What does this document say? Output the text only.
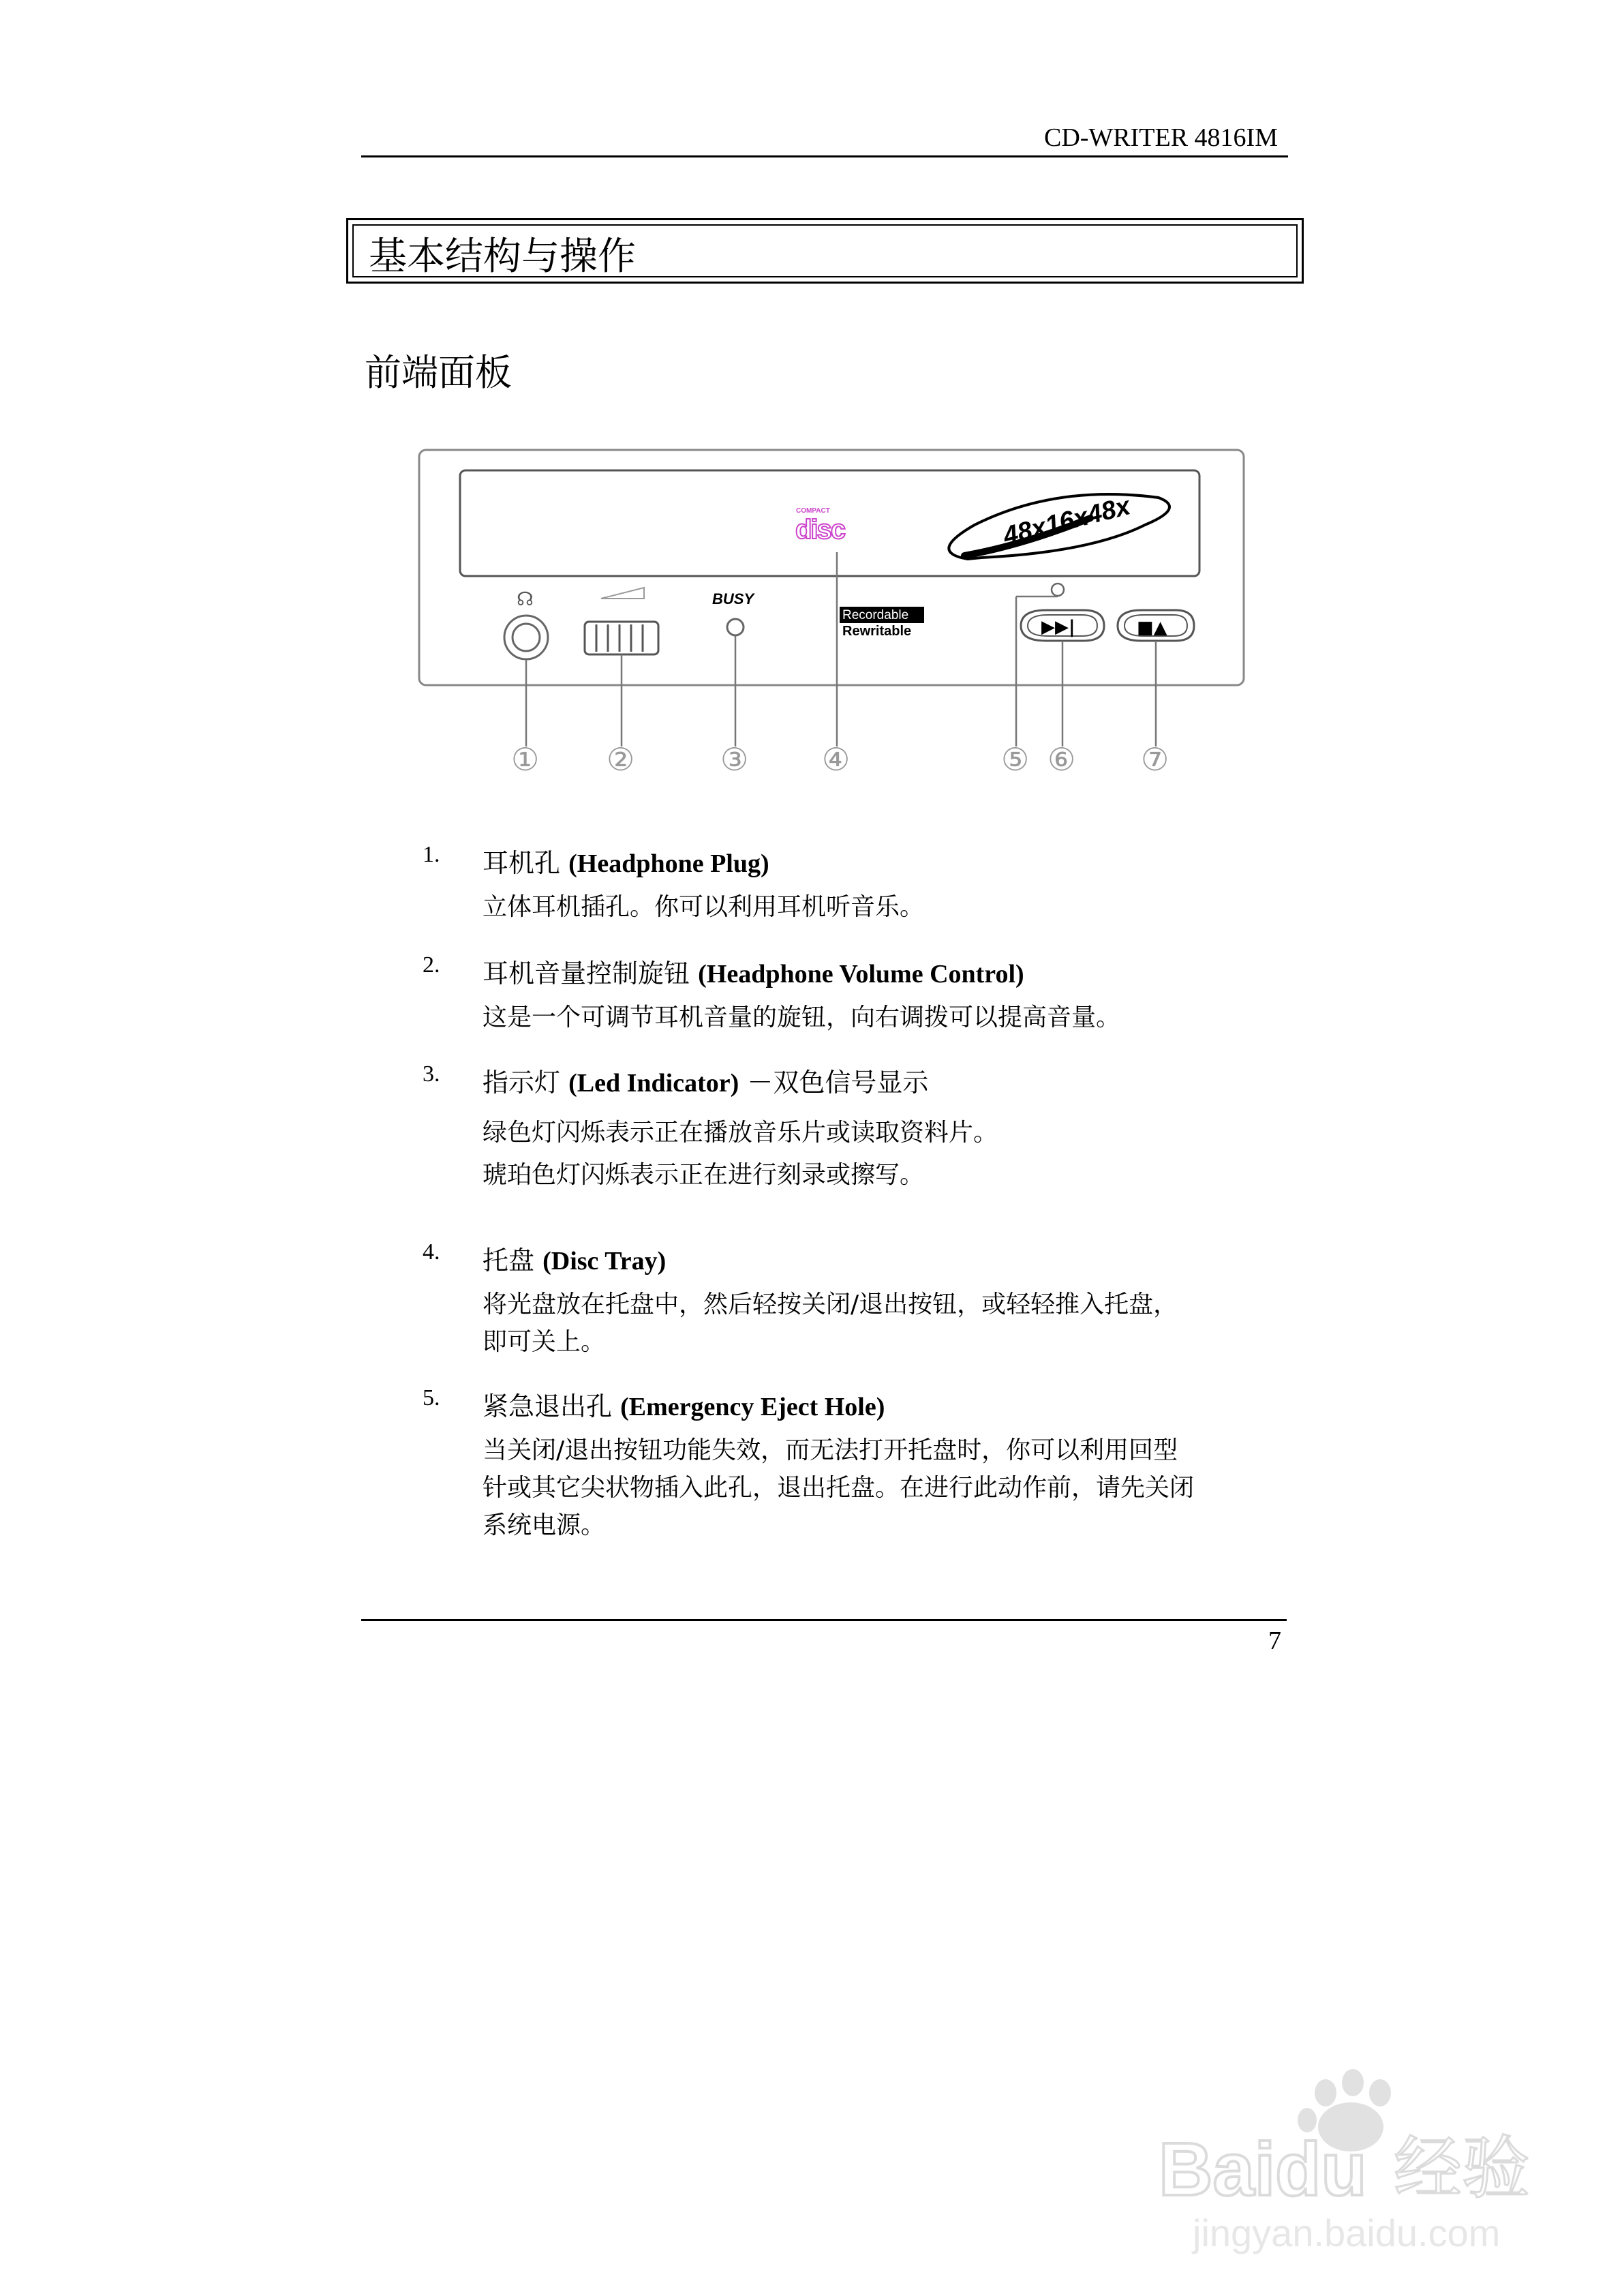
CD-WRITER 4816IM
基本结构与操作
前端面板
COMPACT
disc	48x16x48x
☊	BUSY
Recordable
Rewritable	▶▶|	■▲
① ②	③ ④	⑤ ⑥ ⑦
1. 耳机孔 (Headphone Plug)
立体耳机插孔。你可以利用耳机听音乐。
2. 耳机音量控制旋钮 (Headphone Volume Control)
这是一个可调节耳机音量的旋钮，向右调拨可以提高音量。
3. 指示灯 (Led Indicator) －双色信号显示
绿色灯闪烁表示正在播放音乐片或读取资料片。
琥珀色灯闪烁表示正在进行刻录或擦写。
4. 托盘 (Disc Tray)
将光盘放在托盘中，然后轻按关闭/退出按钮，或轻轻推入托盘，
即可关上。
5. 紧急退出孔 (Emergency Eject Hole)
当关闭/退出按钮功能失效，而无法打开托盘时，你可以利用回型
针或其它尖状物插入此孔，退出托盘。在进行此动作前，请先关闭
系统电源。
7
Baidu 经验
jingyan.baidu.com
